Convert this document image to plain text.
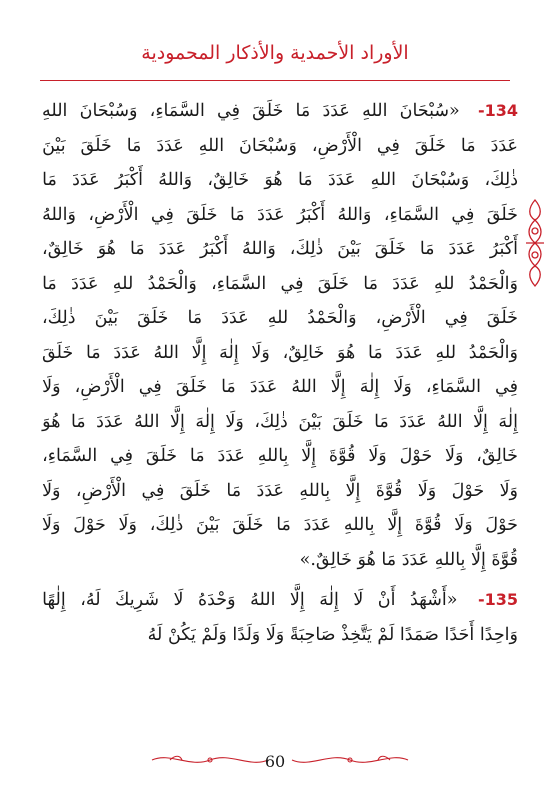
الأوراد الأحمدية والأذكار المحمودية
-134
«سُبْحَانَ
اللهِ
عَدَدَ
مَا
خَلَقَ
فِي
السَّمَاءِ،
وَسُبْحَانَ
اللهِ
عَدَدَ
مَا
خَلَقَ
فِي
الْأَرْضِ،
وَسُبْحَانَ
اللهِ
عَدَدَ
مَا
خَلَقَ
بَيْنَ
ذٰلِكَ،
وَسُبْحَانَ
اللهِ
عَدَدَ
مَا
هُوَ
خَالِقٌ،
وَاللهُ
أَكْبَرُ
عَدَدَ
مَا
خَلَقَ
فِي
السَّمَاءِ،
وَاللهُ
أَكْبَرُ
عَدَدَ
مَا
خَلَقَ
فِي
الْأَرْضِ،
وَاللهُ
أَكْبَرُ
عَدَدَ
مَا
خَلَقَ
بَيْنَ
ذٰلِكَ،
وَاللهُ
أَكْبَرُ
عَدَدَ
مَا
هُوَ
خَالِقٌ،
وَالْحَمْدُ
للهِ
عَدَدَ
مَا
خَلَقَ
فِي
السَّمَاءِ،
وَالْحَمْدُ
للهِ
عَدَدَ
مَا
خَلَقَ
فِي
الْأَرْضِ،
وَالْحَمْدُ
للهِ
عَدَدَ
مَا
خَلَقَ
بَيْنَ
ذٰلِكَ،
وَالْحَمْدُ
للهِ
عَدَدَ
مَا
هُوَ
خَالِقٌ،
وَلَا
إِلٰهَ
إِلَّا
اللهُ
عَدَدَ
مَا
خَلَقَ
فِي
السَّمَاءِ،
وَلَا
إِلٰهَ
إِلَّا
اللهُ
عَدَدَ
مَا
خَلَقَ
فِي
الْأَرْضِ،
وَلَا
إِلٰهَ
إِلَّا
اللهُ
عَدَدَ
مَا
خَلَقَ
بَيْنَ
ذٰلِكَ،
وَلَا
إِلٰهَ
إِلَّا
اللهُ
عَدَدَ
مَا
هُوَ
خَالِقٌ،
وَلَا
حَوْلَ
وَلَا
قُوَّةَ
إِلَّا
بِاللهِ
عَدَدَ
مَا
خَلَقَ
فِي
السَّمَاءِ،
وَلَا
حَوْلَ
وَلَا
قُوَّةَ
إِلَّا
بِاللهِ
عَدَدَ
مَا
خَلَقَ
فِي
الْأَرْضِ،
وَلَا
حَوْلَ
وَلَا
قُوَّةَ
إِلَّا
بِاللهِ
عَدَدَ
مَا
خَلَقَ
بَيْنَ
ذٰلِكَ،
وَلَا
حَوْلَ
وَلَا
قُوَّةَ

إِلَّا

بِاللهِ

عَدَدَ

مَا

هُوَ

خَالِقٌ.»
-135
«أَشْهَدُ
أَنْ
لَا
إِلٰهَ
إِلَّا
اللهُ
وَحْدَهُ
لَا
شَرِيكَ
لَهُ،
إِلٰهًا
وَاحِدًا

أَحَدًا

صَمَدًا

لَمْ

يَتَّخِذْ

صَاحِبَةً

وَلَا

وَلَدًا

وَلَمْ

يَكُنْ

لَهُ
60
